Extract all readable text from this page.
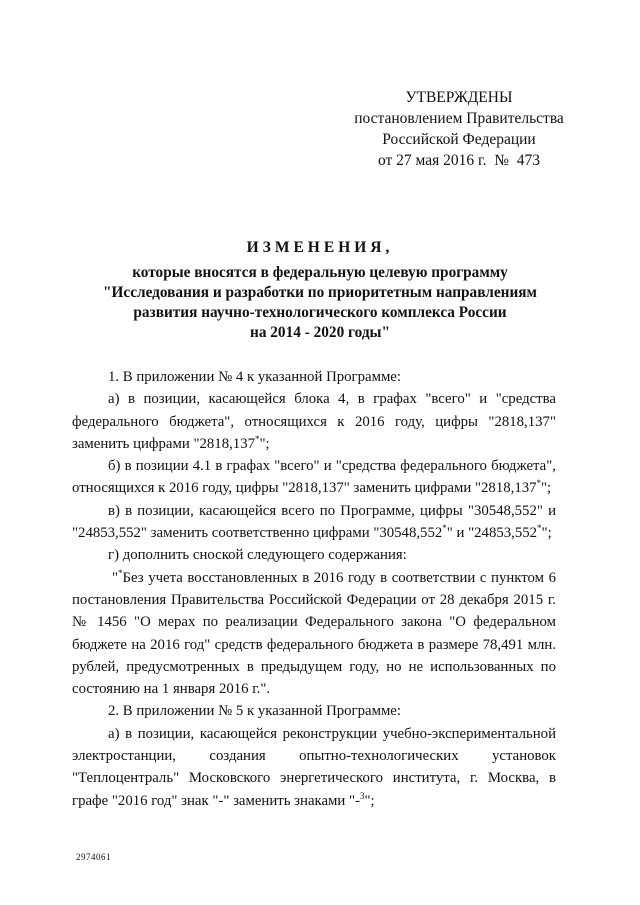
УТВЕРЖДЕНЫ
постановлением Правительства
Российской Федерации
от 27 мая 2016 г.  №  473
ИЗМЕНЕНИЯ,
которые вносятся в федеральную целевую программу
"Исследования и разработки по приоритетным направлениям
развития научно-технологического комплекса России
на 2014 - 2020 годы"
1. В приложении № 4 к указанной Программе:
а) в позиции, касающейся блока 4, в графах "всего" и "средства федерального бюджета", относящихся к 2016 году, цифры "2818,137" заменить цифрами "2818,137*";
б) в позиции 4.1 в графах "всего" и "средства федерального бюджета", относящихся к 2016 году, цифры "2818,137" заменить цифрами "2818,137*";
в) в позиции, касающейся всего по Программе, цифры "30548,552" и "24853,552" заменить соответственно цифрами "30548,552*" и "24853,552*";
г) дополнить сноской следующего содержания:
"*Без учета восстановленных в 2016 году в соответствии с пунктом 6 постановления Правительства Российской Федерации от 28 декабря 2015 г. № 1456 "О мерах по реализации Федерального закона "О федеральном бюджете на 2016 год" средств федерального бюджета в размере 78,491 млн. рублей, предусмотренных в предыдущем году, но не использованных по состоянию на 1 января 2016 г.".
2. В приложении № 5 к указанной Программе:
а) в позиции, касающейся реконструкции учебно-экспериментальной электростанции, создания опытно-технологических установок "Теплоцентраль" Московского энергетического института, г. Москва, в графе "2016 год" знак "-" заменить знаками "-$^3$";
2974061
